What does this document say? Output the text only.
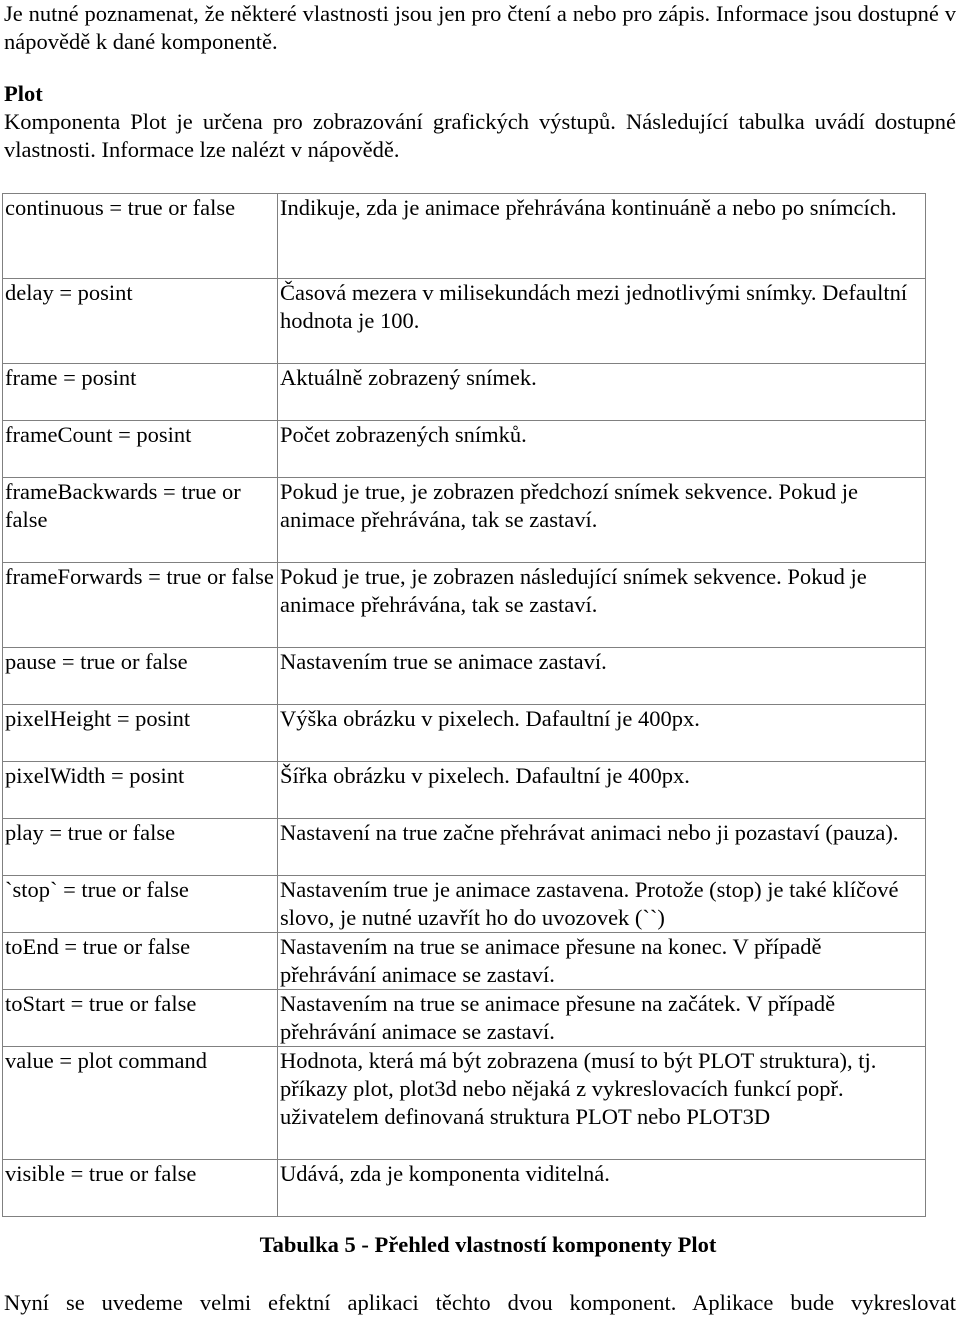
Je nutné poznamenat, že některé vlastnosti jsou jen pro čtení a nebo pro zápis. Informace jsou dostupné v nápovědě k dané komponentě.

Plot

Komponenta Plot je určena pro zobrazování grafických výstupů. Následující tabulka uvádí dostupné vlastnosti. Informace lze nalézt v nápovědě.

continuous = true or false	Indikuje, zda je animace přehrávána kontinuáně a nebo po snímcích.
delay = posint	Časová mezera v milisekundách mezi jednotlivými snímky. Defaultní hodnota je 100.
frame = posint	Aktuálně zobrazený snímek.
frameCount = posint	Počet zobrazených snímků.
frameBackwards = true or false	Pokud je true, je zobrazen předchozí snímek sekvence. Pokud je animace přehrávána, tak se zastaví.
frameForwards = true or false	Pokud je true, je zobrazen následující snímek sekvence. Pokud je animace přehrávána, tak se zastaví.
pause = true or false	Nastavením true se animace zastaví.
pixelHeight = posint	Výška obrázku v pixelech. Dafaultní je 400px.
pixelWidth = posint	Šířka obrázku v pixelech. Dafaultní je 400px.
play = true or false	Nastavení na true začne přehrávat animaci nebo ji pozastaví (pauza).
`stop` = true or false	Nastavením true je animace zastavena. Protože (stop) je také klíčové slovo, je nutné uzavřít ho do uvozovek (``)
toEnd = true or false	Nastavením na true se animace přesune na konec. V případě přehrávání animace se zastaví.
toStart = true or false	Nastavením na true se animace přesune na začátek. V případě přehrávání animace se zastaví.
value = plot command	Hodnota, která má být zobrazena (musí to být PLOT struktura), tj. příkazy plot, plot3d nebo nějaká z vykreslovacích funkcí popř. uživatelem definovaná struktura PLOT nebo PLOT3D
visible = true or false	Udává, zda je komponenta viditelná.
Tabulka 5 - Přehled vlastností komponenty Plot

Nyní se uvedeme velmi efektní aplikaci těchto dvou komponent. Aplikace bude vykreslovat
